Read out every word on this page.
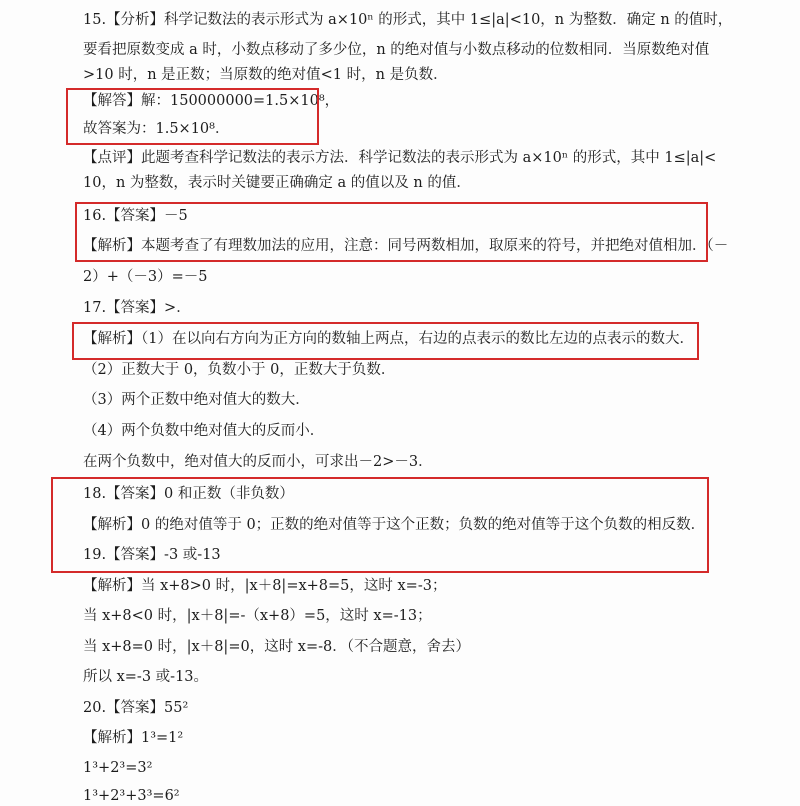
15.【分析】科学记数法的表示形式为 a×10ⁿ 的形式，其中 1≤|a|<10，n 为整数．确定 n 的值时，

要看把原数变成 a 时，小数点移动了多少位，n 的绝对值与小数点移动的位数相同．当原数绝对值

>10 时，n 是正数；当原数的绝对值<1 时，n 是负数．

【解答】解：150000000=1.5×10⁸，

故答案为：1.5×10⁸．

【点评】此题考查科学记数法的表示方法．科学记数法的表示形式为 a×10ⁿ 的形式，其中 1≤|a|<

10，n 为整数，表示时关键要正确确定 a 的值以及 n 的值．

16.【答案】－5

【解析】本题考查了有理数加法的应用，注意：同号两数相加，取原来的符号，并把绝对值相加．（－

2）+（－3）=－5

17.【答案】>．

【解析】（1）在以向右方向为正方向的数轴上两点，右边的点表示的数比左边的点表示的数大．

（2）正数大于 0，负数小于 0，正数大于负数．

（3）两个正数中绝对值大的数大．

（4）两个负数中绝对值大的反而小．

在两个负数中，绝对值大的反而小，可求出－2>－3．

18.【答案】0 和正数（非负数）

【解析】0 的绝对值等于 0；正数的绝对值等于这个正数；负数的绝对值等于这个负数的相反数．

19.【答案】-3 或-13

【解析】当 x+8>0 时，|x＋8|=x+8=5，这时 x=-3；

当 x+8<0 时，|x＋8|=-（x+8）=5，这时 x=-13；

当 x+8=0 时，|x＋8|=0，这时 x=-8．（不合题意，舍去）

所以 x=-3 或-13。

20.【答案】55²

【解析】1³=1²

1³+2³=3²

1³+2³+3³=6²
